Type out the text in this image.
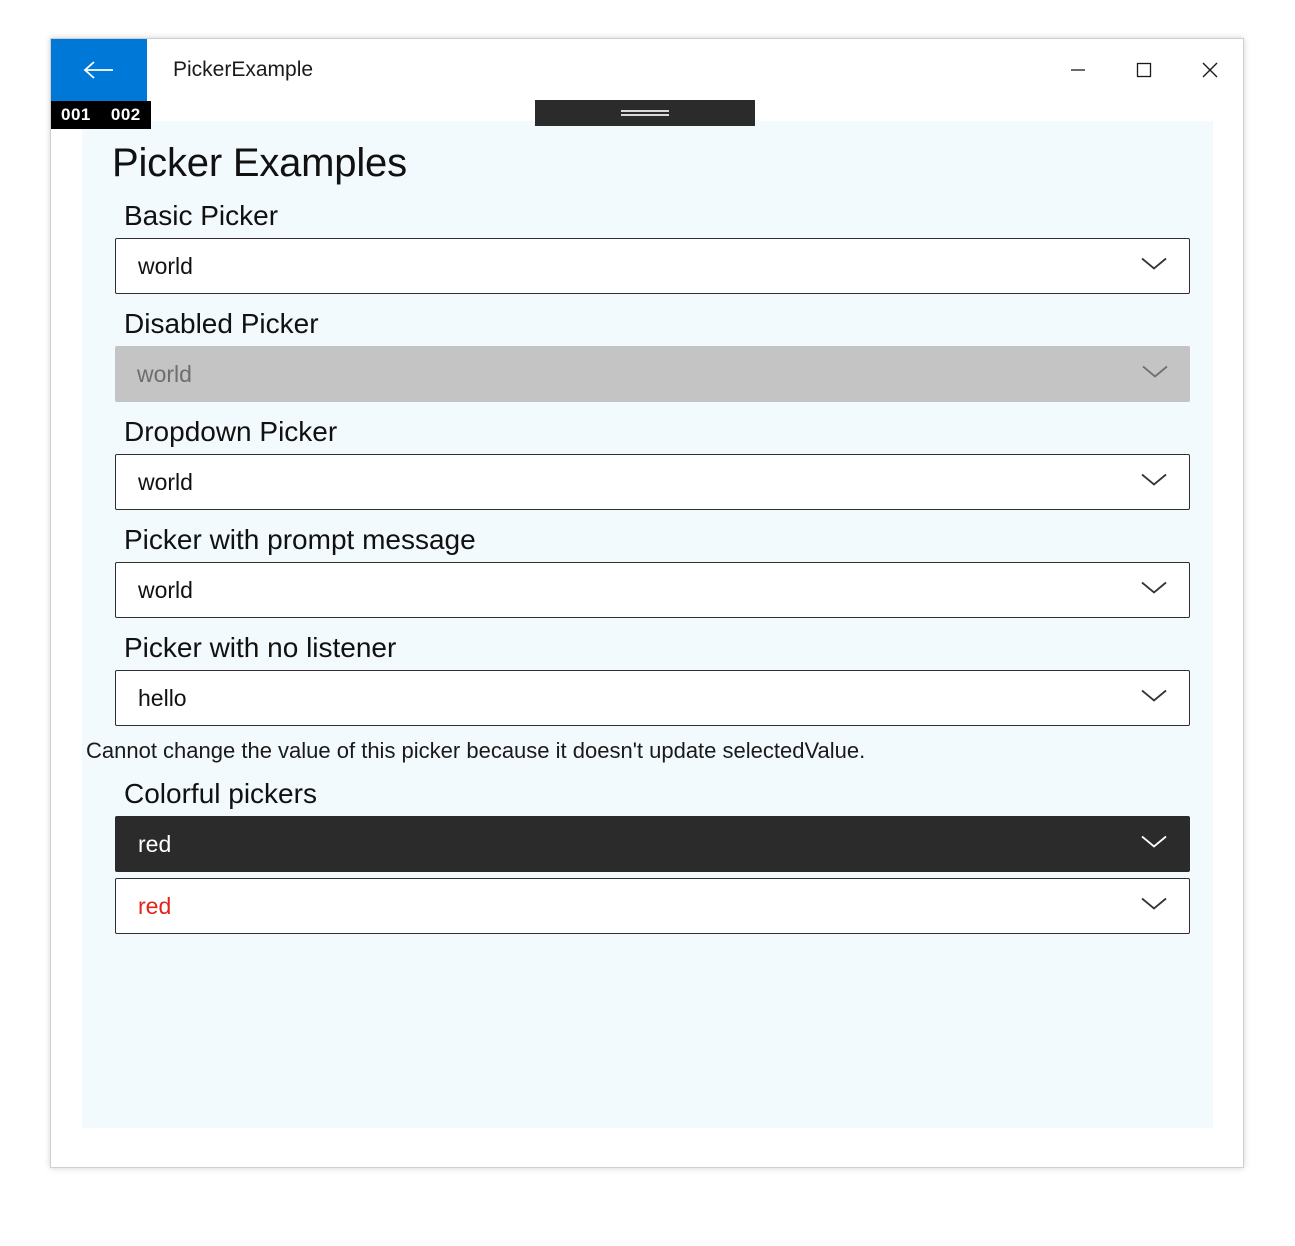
PickerExample
001	002
Picker Examples
Basic Picker
world
Disabled Picker
world
Dropdown Picker
world
Picker with prompt message
world
Picker with no listener
hello
Cannot change the value of this picker because it doesn't update selectedValue.
Colorful pickers
red
red
